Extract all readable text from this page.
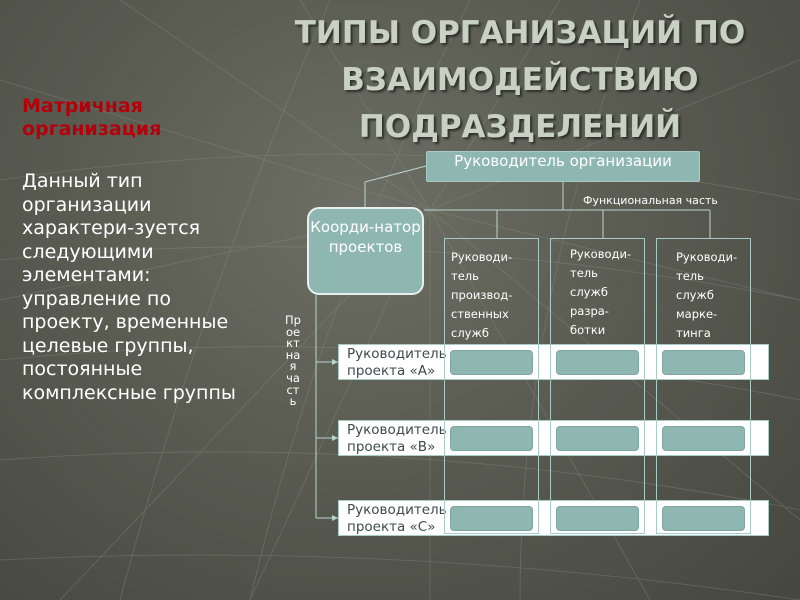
ТИПЫ ОРГАНИЗАЦИЙ ПО
ВЗАИМОДЕЙСТВИЮ
ПОДРАЗДЕЛЕНИЙ
Матричная организация
Данный тип организации характери-зуется следующими элементами: управление по проекту, временные целевые группы, постоянные комплексные группы
Руководитель организации
Функциональная часть
Коорди-натор проектов
Руководитель
проекта «А»
Руководитель
проекта «В»
Руководитель
проекта «С»
Руководи-
тель
производ-
ственных
служб
Руководи-
тель
служб
разра-
ботки
Руководи-
тель
служб
марке-
тинга
Проектная часть
